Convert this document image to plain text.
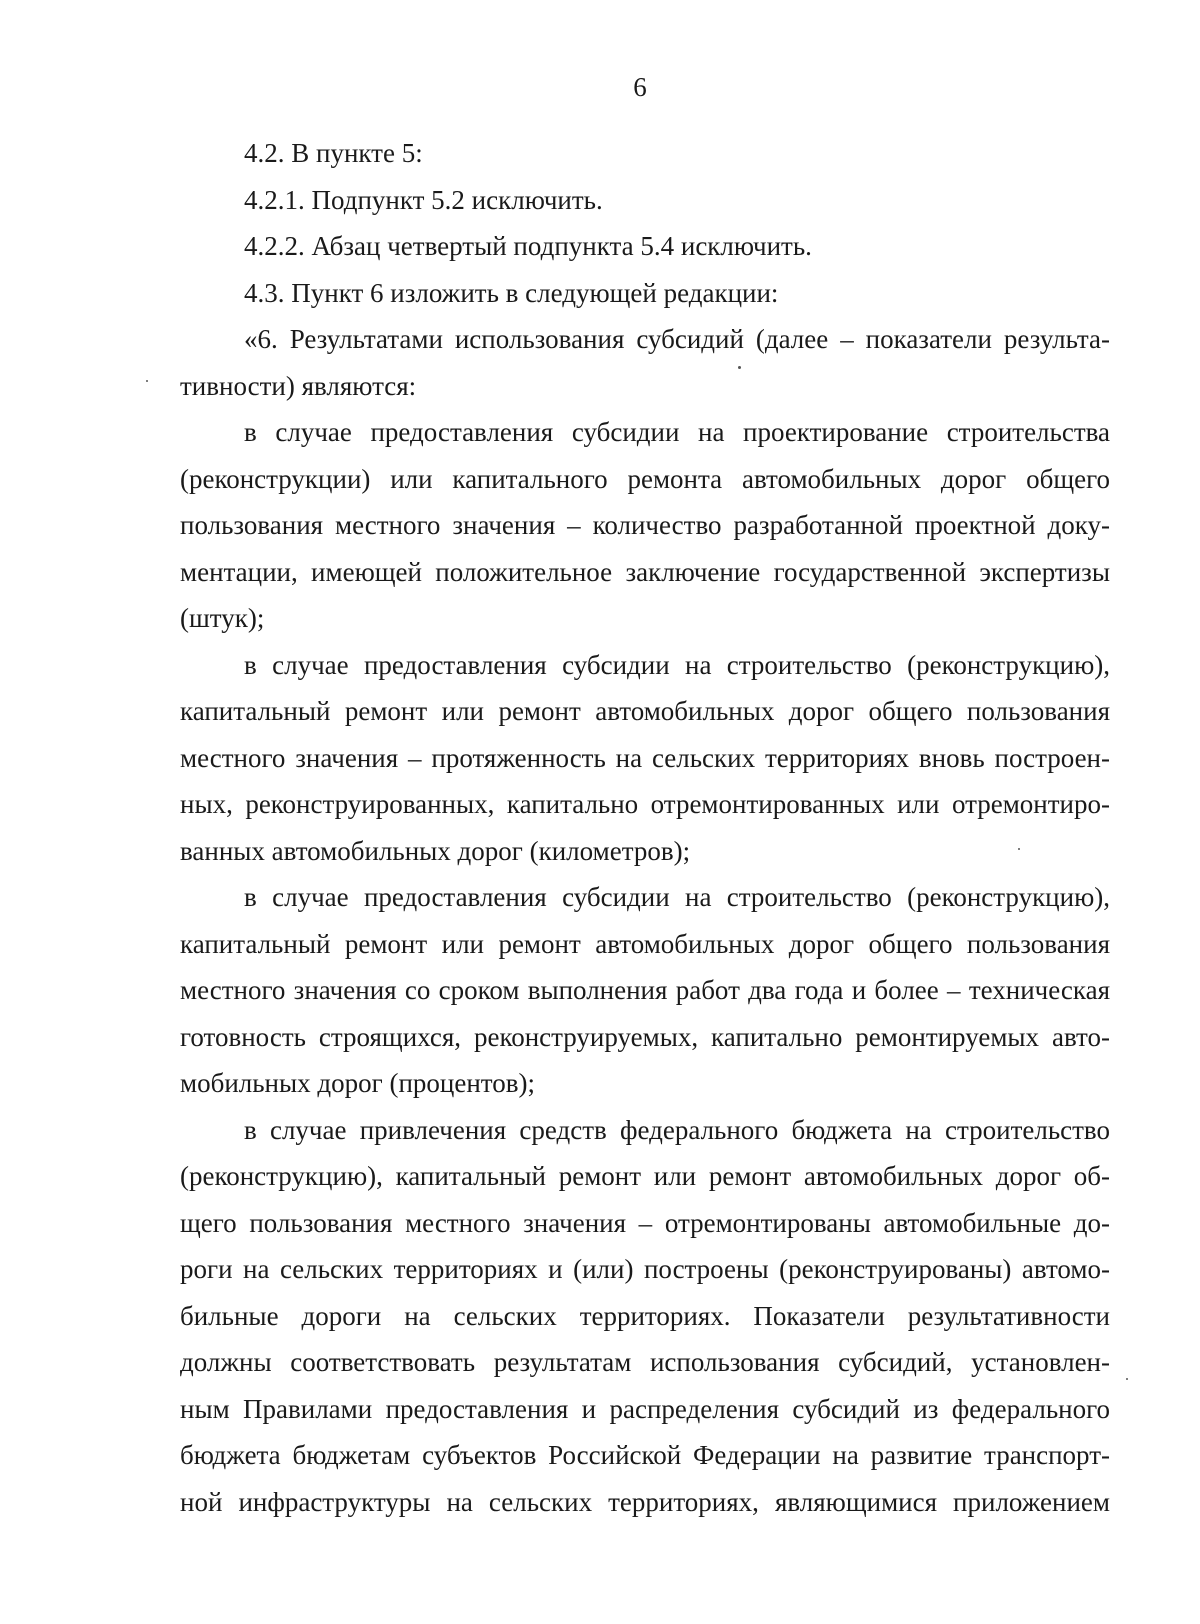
6
4.2. В пункте 5:
4.2.1. Подпункт 5.2 исключить.
4.2.2. Абзац четвертый подпункта 5.4 исключить.
4.3. Пункт 6 изложить в следующей редакции:
«6. Результатами использования субсидий (далее – показатели результа-
тивности) являются:
в случае предоставления субсидии на проектирование строительства
(реконструкции) или капитального ремонта автомобильных дорог общего
пользования местного значения – количество разработанной проектной доку-
ментации, имеющей положительное заключение государственной экспертизы
(штук);
в случае предоставления субсидии на строительство (реконструкцию),
капитальный ремонт или ремонт автомобильных дорог общего пользования
местного значения – протяженность на сельских территориях вновь построен-
ных, реконструированных, капитально отремонтированных или отремонтиро-
ванных автомобильных дорог (километров);
в случае предоставления субсидии на строительство (реконструкцию),
капитальный ремонт или ремонт автомобильных дорог общего пользования
местного значения со сроком выполнения работ два года и более – техническая
готовность строящихся, реконструируемых, капитально ремонтируемых авто-
мобильных дорог (процентов);
в случае привлечения средств федерального бюджета на строительство
(реконструкцию), капитальный ремонт или ремонт автомобильных дорог об-
щего пользования местного значения – отремонтированы автомобильные до-
роги на сельских территориях и (или) построены (реконструированы) автомо-
бильные дороги на сельских территориях. Показатели результативности
должны соответствовать результатам использования субсидий, установлен-
ным Правилами предоставления и распределения субсидий из федерального
бюджета бюджетам субъектов Российской Федерации на развитие транспорт-
ной инфраструктуры на сельских территориях, являющимися приложением
